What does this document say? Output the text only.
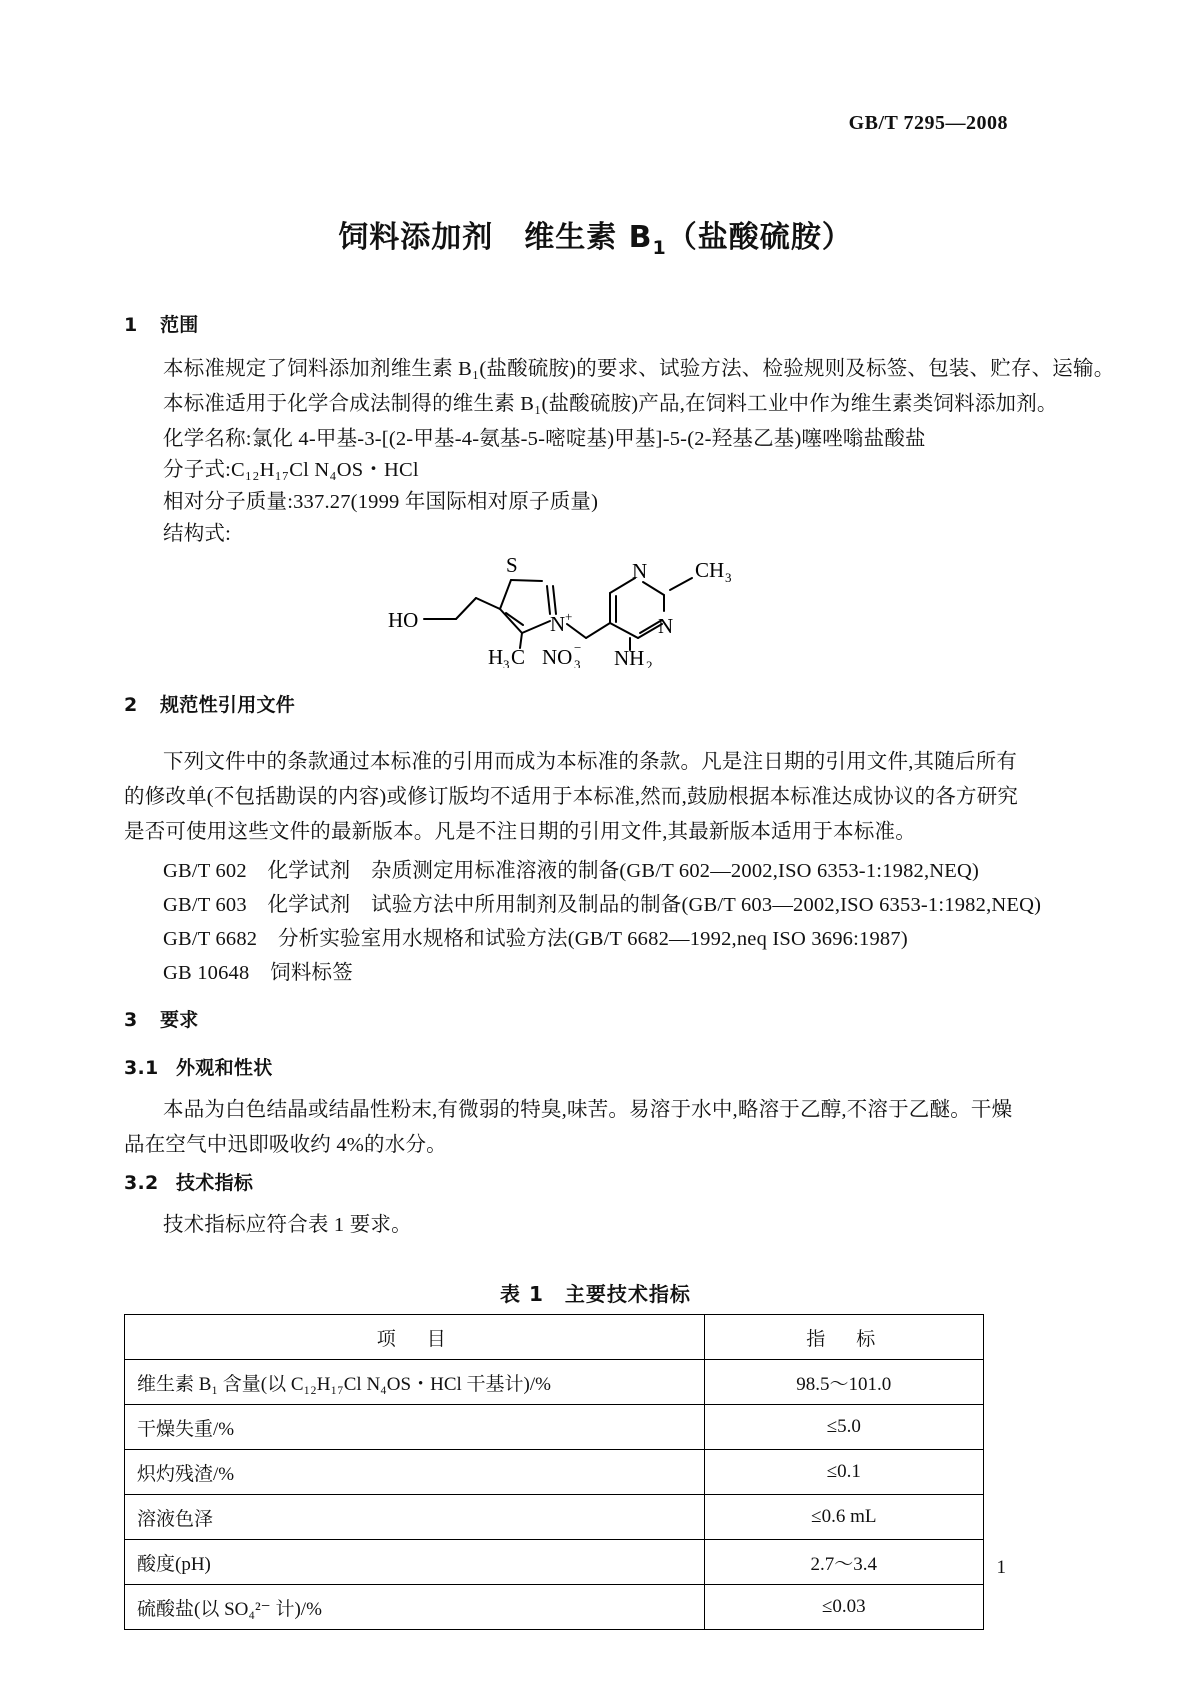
GB/T 7295—2008
饲料添加剂　维生素 $B_1$（盐酸硫胺）
1 范围
本标准规定了饲料添加剂维生素 B₁(盐酸硫胺)的要求、试验方法、检验规则及标签、包装、贮存、运输。
本标准适用于化学合成法制得的维生素 B₁(盐酸硫胺)产品,在饲料工业中作为维生素类饲料添加剂。
化学名称:氯化 4-甲基-3-[(2-甲基-4-氨基-5-嘧啶基)甲基]-5-(2-羟基乙基)噻唑嗡盐酸盐
分子式:C₁₂H₁₇Cl N₄OS・HCl
相对分子质量:337.27(1999 年国际相对原子质量)
结构式:
HO
S
N +
H 3 C NO 3
−
N
N
CH 3
NH 2
2 规范性引用文件
下列文件中的条款通过本标准的引用而成为本标准的条款。凡是注日期的引用文件,其随后所有
的修改单(不包括勘误的内容)或修订版均不适用于本标准,然而,鼓励根据本标准达成协议的各方研究
是否可使用这些文件的最新版本。凡是不注日期的引用文件,其最新版本适用于本标准。
GB/T 602　化学试剂　杂质测定用标准溶液的制备(GB/T 602—2002,ISO 6353-1:1982,NEQ)
GB/T 603　化学试剂　试验方法中所用制剂及制品的制备(GB/T 603—2002,ISO 6353-1:1982,NEQ)
GB/T 6682　分析实验室用水规格和试验方法(GB/T 6682—1992,neq ISO 3696:1987)
GB 10648　饲料标签
3 要求
3.1 外观和性状
本品为白色结晶或结晶性粉末,有微弱的特臭,味苦。易溶于水中,略溶于乙醇,不溶于乙醚。干燥
品在空气中迅即吸收约 4%的水分。
3.2 技术指标
技术指标应符合表 1 要求。
表 1　主要技术指标
项　目	指　标
维生素 B₁ 含量(以 C₁₂H₁₇Cl N₄OS・HCl 干基计)/%	98.5～101.0
干燥失重/%	≤5.0
炽灼残渣/%	≤0.1
溶液色泽	≤0.6 mL
酸度(pH)	2.7～3.4
硫酸盐(以 SO₄²⁻ 计)/%	≤0.03
1
